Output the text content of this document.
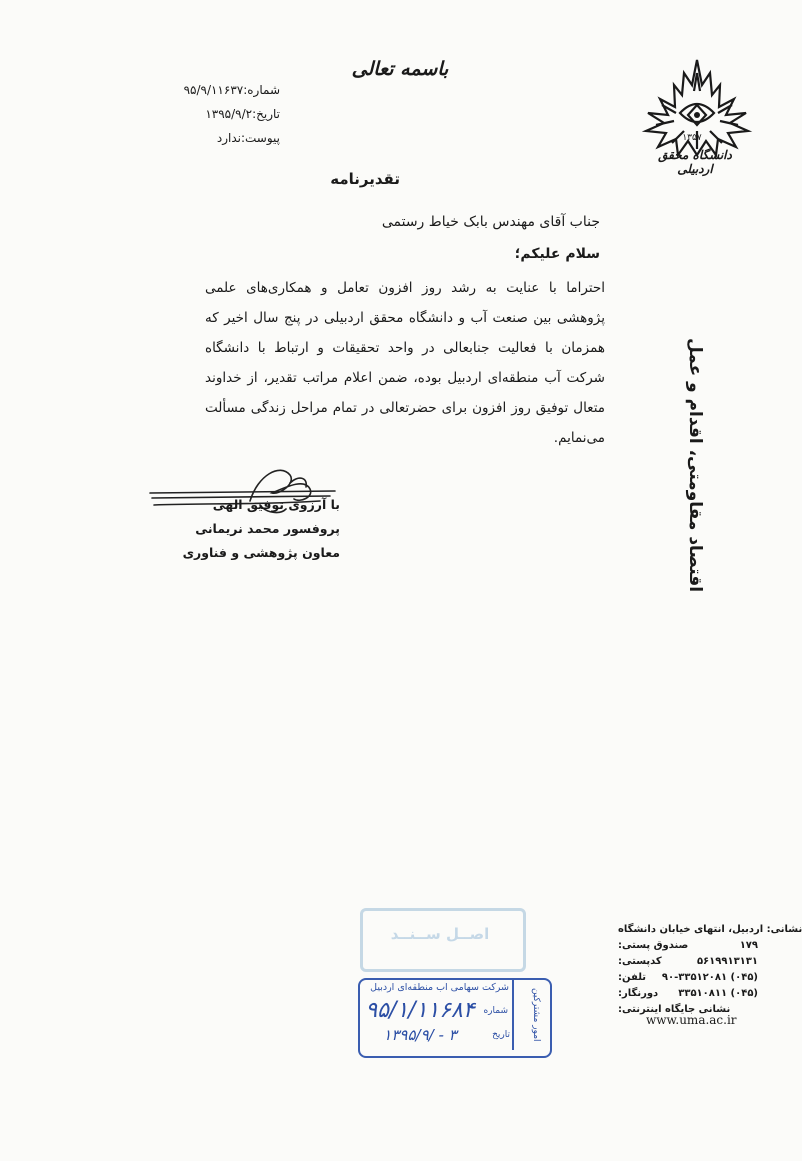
باسمه تعالی
شماره:۹۵/۹/۱۱۶۳۷
تاریخ:۱۳۹۵/۹/۲
پیوست:ندارد	۱۳۵۷
دانشگاه محقق اردبیلی
تقدیرنامه
جناب آقای مهندس بابک خیاط رستمی
سلام علیکم؛
احتراما با عنایت به رشد روز افزون تعامل و همکاری‌های علمی پژوهشی بین صنعت آب و دانشگاه محقق اردبیلی در پنج سال اخیر که همزمان با فعالیت جنابعالی در واحد تحقیقات و ارتباط با دانشگاه شرکت آب منطقه‌ای اردبیل بوده، ضمن اعلام مراتب تقدیر، از خداوند متعال توفیق روز افزون برای حضرتعالی در تمام مراحل زندگی مسألت می‌نمایم.	اقتصاد مقاومتی، اقدام و عمل
با آرزوی توفیق الهی
پروفسور محمد نریمانی
معاون پژوهشی و فناوری
اصــل ســنــد
امور مشترکین
شرکت سهامی آب منطقه‌ای اردبیل
شماره
۹۵/۱/۱۱۶۸۴
تاریخ
۱۳۹۵/۹/ - ۳
نشانی: اردبیل، انتهای خیابان دانشگاه
صندوق پستی:	۱۷۹
کدپستی:	۵۶۱۹۹۱۳۱۳۱
تلفن: ۹۰-۳۳۵۱۲۰۸۱ (۰۴۵)
دورنگار: ۳۳۵۱۰۸۱۱ (۰۴۵)
نشانی جایگاه اینترنتی:
www.uma.ac.ir
